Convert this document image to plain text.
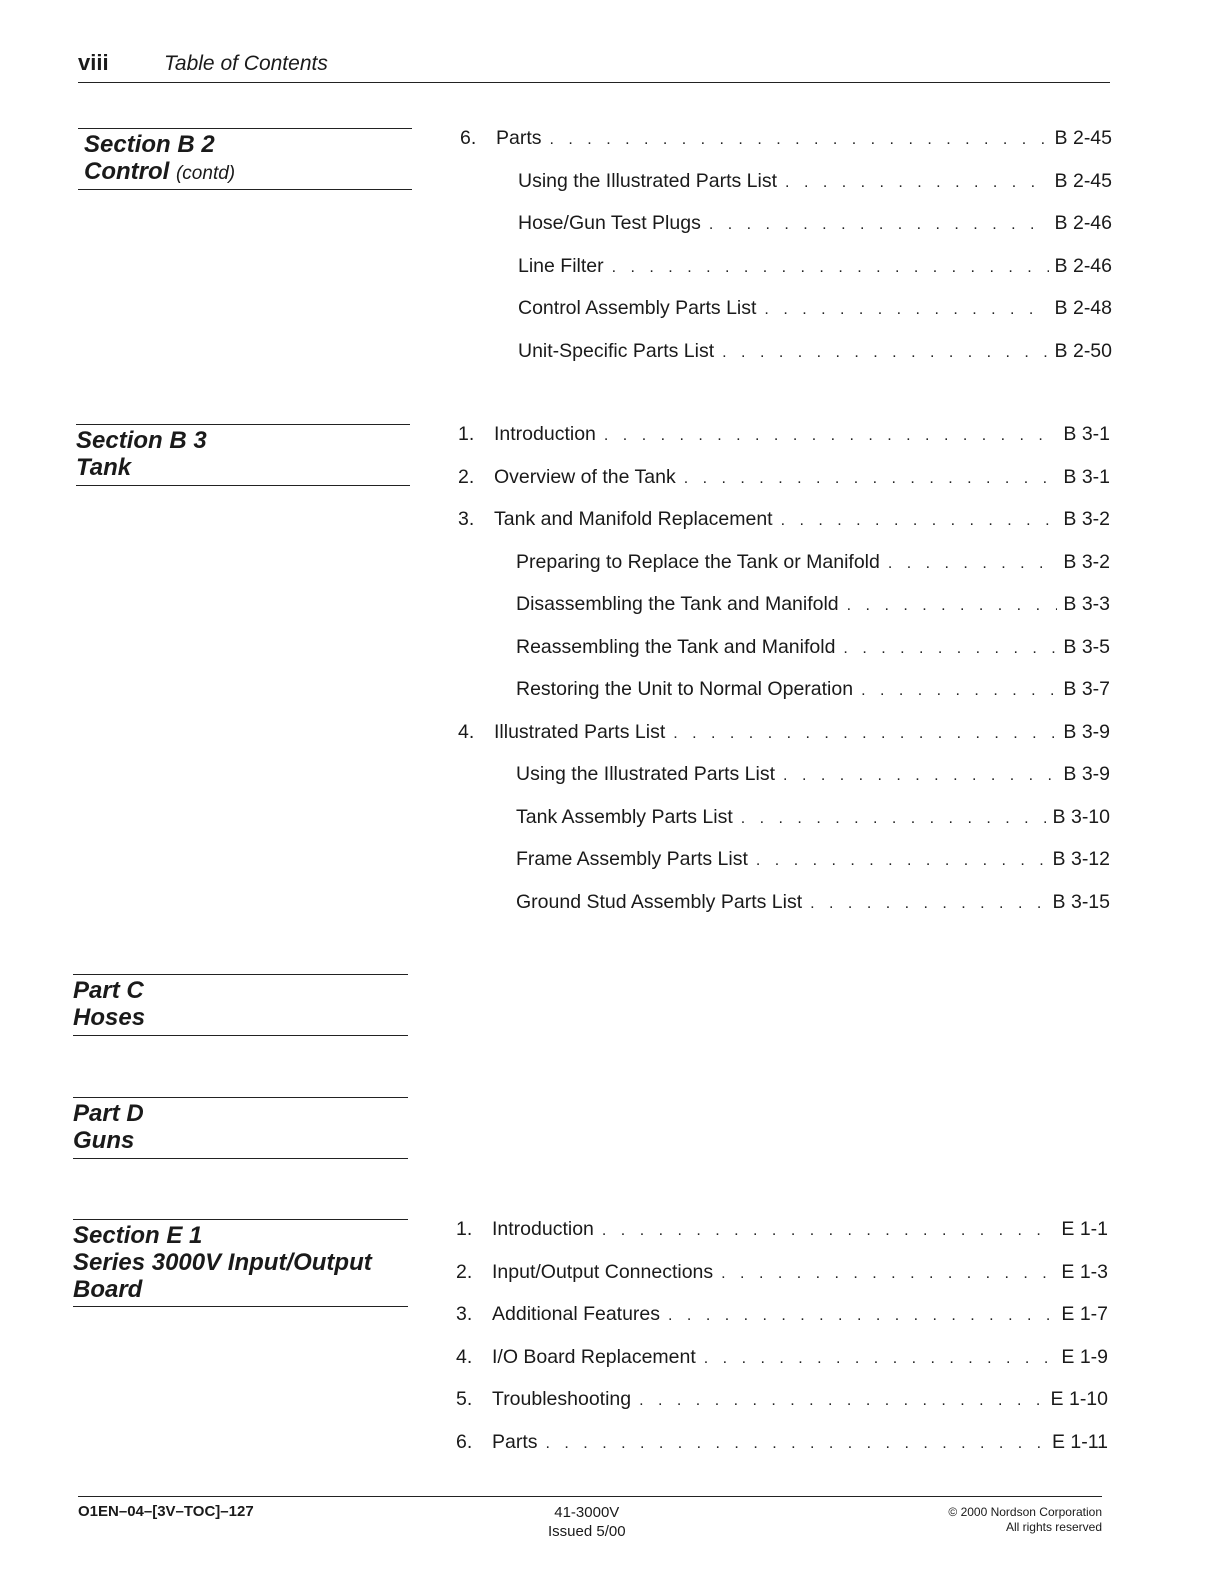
viii	Table of Contents
Section B 2
Control (contd)
Section B 3
Tank
Part C
Hoses
Part D
Guns
Section E 1
Series 3000V Input/Output
Board
6. Parts . . .	B 2-45
Using the Illustrated Parts List . . .	B 2-45
Hose/Gun Test Plugs . . .	B 2-46
Line Filter . . .	B 2-46
Control Assembly Parts List . . .	B 2-48
Unit-Specific Parts List . . .	B 2-50
1. Introduction . . .	B 3-1
2. Overview of the Tank . . .	B 3-1
3. Tank and Manifold Replacement . . .	B 3-2
Preparing to Replace the Tank or Manifold . . .	B 3-2
Disassembling the Tank and Manifold . . .	B 3-3
Reassembling the Tank and Manifold . . .	B 3-5
Restoring the Unit to Normal Operation . . .	B 3-7
4. Illustrated Parts List . . .	B 3-9
Using the Illustrated Parts List . . .	B 3-9
Tank Assembly Parts List . . .	B 3-10
Frame Assembly Parts List . . .	B 3-12
Ground Stud Assembly Parts List . . .	B 3-15
1. Introduction . . .	E 1-1
2. Input/Output Connections . . .	E 1-3
3. Additional Features . . .	E 1-7
4. I/O Board Replacement . . .	E 1-9
5. Troubleshooting . . .	E 1-10
6. Parts . . .	E 1-11
O1EN–04–[3V–TOC]–127	41-3000V
Issued 5/00
© 2000 Nordson Corporation
All rights reserved
